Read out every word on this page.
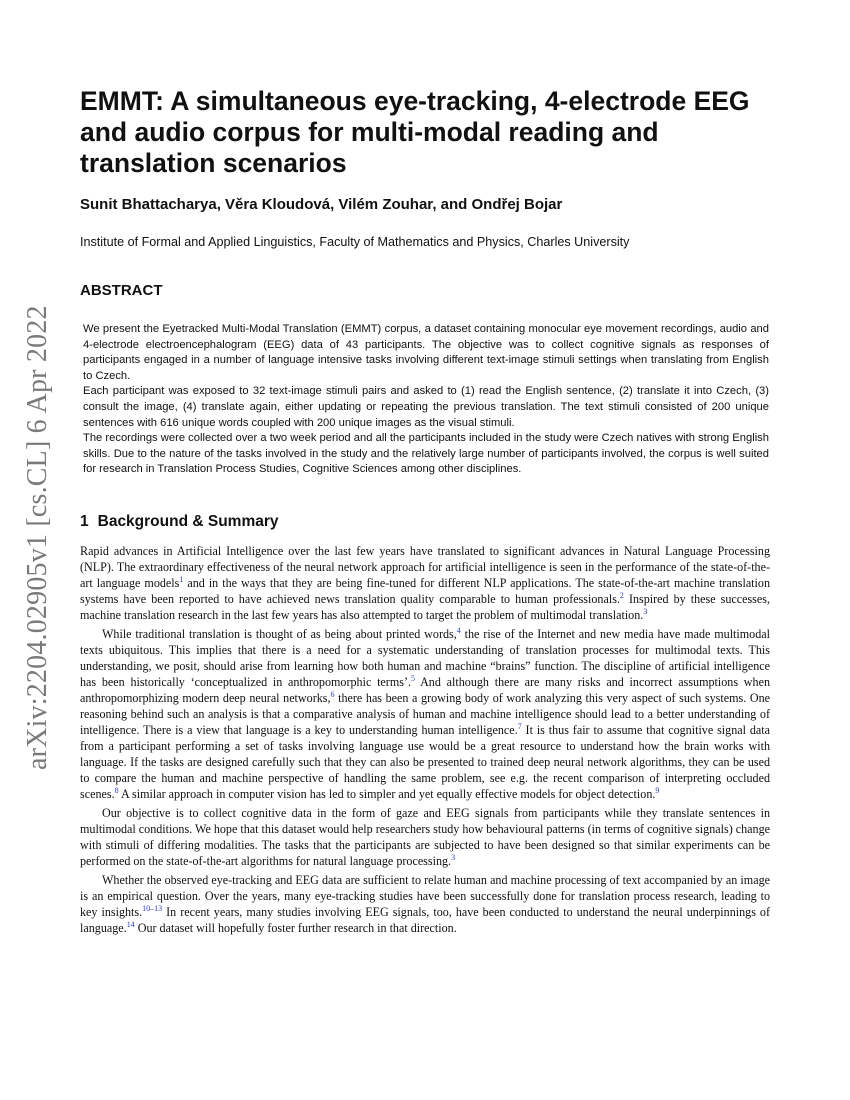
arXiv:2204.02905v1 [cs.CL] 6 Apr 2022
EMMT: A simultaneous eye-tracking, 4-electrode EEG and audio corpus for multi-modal reading and translation scenarios
Sunit Bhattacharya, Věra Kloudová, Vilém Zouhar, and Ondřej Bojar
Institute of Formal and Applied Linguistics, Faculty of Mathematics and Physics, Charles University
ABSTRACT

We present the Eyetracked Multi-Modal Translation (EMMT) corpus, a dataset containing monocular eye movement recordings, audio and 4-electrode electroencephalogram (EEG) data of 43 participants. The objective was to collect cognitive signals as responses of participants engaged in a number of language intensive tasks involving different text-image stimuli settings when translating from English to Czech.

Each participant was exposed to 32 text-image stimuli pairs and asked to (1) read the English sentence, (2) translate it into Czech, (3) consult the image, (4) translate again, either updating or repeating the previous translation. The text stimuli consisted of 200 unique sentences with 616 unique words coupled with 200 unique images as the visual stimuli.

The recordings were collected over a two week period and all the participants included in the study were Czech natives with strong English skills. Due to the nature of the tasks involved in the study and the relatively large number of participants involved, the corpus is well suited for research in Translation Process Studies, Cognitive Sciences among other disciplines.

1 Background & Summary

Rapid advances in Artificial Intelligence over the last few years have translated to significant advances in Natural Language Processing (NLP). The extraordinary effectiveness of the neural network approach for artificial intelligence is seen in the performance of the state-of-the-art language models$^1$ and in the ways that they are being fine-tuned for different NLP applications. The state-of-the-art machine translation systems have been reported to have achieved news translation quality comparable to human professionals.$^2$ Inspired by these successes, machine translation research in the last few years has also attempted to target the problem of multimodal translation.$^3$

While traditional translation is thought of as being about printed words,$^4$ the rise of the Internet and new media have made multimodal texts ubiquitous. This implies that there is a need for a systematic understanding of translation processes for multimodal texts. This understanding, we posit, should arise from learning how both human and machine “brains” function. The discipline of artificial intelligence has been historically ‘conceptualized in anthropomorphic terms’.$^5$ And although there are many risks and incorrect assumptions when anthropomorphizing modern deep neural networks,$^6$ there has been a growing body of work analyzing this very aspect of such systems. One reasoning behind such an analysis is that a comparative analysis of human and machine intelligence should lead to a better understanding of intelligence. There is a view that language is a key to understanding human intelligence.$^7$ It is thus fair to assume that cognitive signal data from a participant performing a set of tasks involving language use would be a great resource to understand how the brain works with language. If the tasks are designed carefully such that they can also be presented to trained deep neural network algorithms, they can be used to compare the human and machine perspective of handling the same problem, see e.g. the recent comparison of interpreting occluded scenes.$^8$ A similar approach in computer vision has led to simpler and yet equally effective models for object detection.$^9$

Our objective is to collect cognitive data in the form of gaze and EEG signals from participants while they translate sentences in multimodal conditions. We hope that this dataset would help researchers study how behavioural patterns (in terms of cognitive signals) change with stimuli of differing modalities. The tasks that the participants are subjected to have been designed so that similar experiments can be performed on the state-of-the-art algorithms for natural language processing.$^3$

Whether the observed eye-tracking and EEG data are sufficient to relate human and machine processing of text accompanied by an image is an empirical question. Over the years, many eye-tracking studies have been successfully done for translation process research, leading to key insights.$^{10-13}$ In recent years, many studies involving EEG signals, too, have been conducted to understand the neural underpinnings of language.$^{14}$ Our dataset will hopefully foster further research in that direction.
